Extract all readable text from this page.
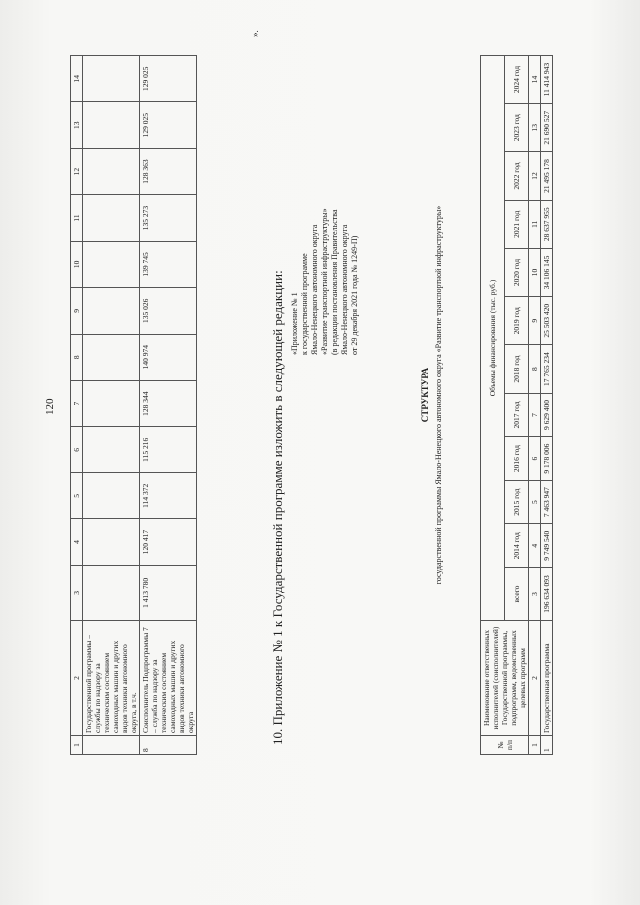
120
1	2	3	4	5	6	7	8	9	10	11	12	13	14
	Государственной программы – службы по надзору за техническим состоянием самоходных машин и других видов техники автономного округа, в т.ч.												
8	Соисполнитель Подпрограммы 7 – служба по надзору за техническим состоянием самоходных машин и других видов техники автономного округа	1 413 780	120 417	114 372	115 216	128 344	140 974	135 026	139 745	135 273	128 363	129 025	129 025
».
10. Приложение № 1 к Государственной программе изложить в следующей редакции: «Приложение № 1 к государственной программе Ямало-Ненецкого автономного округа «Развитие транспортной инфраструктуры» (в редакции постановления Правительства Ямало-Ненецкого автономного округа от 29 декабря 2021 года № 1249-П)
СТРУКТУРА государственной программы Ямало-Ненецкого автономного округа «Развитие транспортной инфраструктуры»
№ п/п	Наименование ответственных исполнителей (соисполнителей) Государственной программы, подпрограмм, ведомственных целевых программ	Объемы финансирования (тыс. руб.)											
		всего	2014 год	2015 год	2016 год	2017 год	2018 год	2019 год	2020 год	2021 год	2022 год	2023 год	2024 год
1	2	3	4	5	6	7	8	9	10	11	12	13	14
1	Государственная программа	196 634 093	9 749 540	7 463 947	9 178 006	9 629 400	17 765 234	25 503 420	34 106 145	28 637 955	21 495 178	21 690 527	11 414 943
